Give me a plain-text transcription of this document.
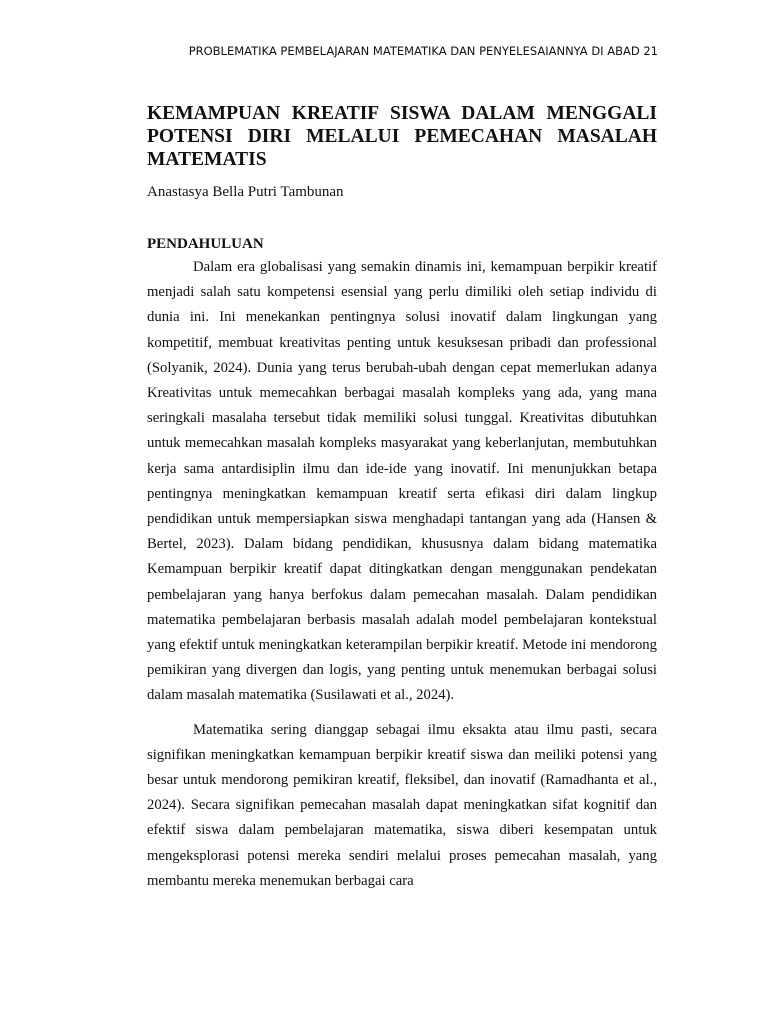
PROBLEMATIKA PEMBELAJARAN MATEMATIKA DAN PENYELESAIANNYA DI ABAD 21
KEMAMPUAN KREATIF SISWA DALAM MENGGALI POTENSI DIRI MELALUI PEMECAHAN MASALAH MATEMATIS

Anastasya Bella Putri Tambunan

PENDAHULUAN

Dalam era globalisasi yang semakin dinamis ini, kemampuan berpikir kreatif menjadi salah satu kompetensi esensial yang perlu dimiliki oleh setiap individu di dunia ini. Ini menekankan pentingnya solusi inovatif dalam lingkungan yang kompetitif, membuat kreativitas penting untuk kesuksesan pribadi dan professional (Solyanik, 2024). Dunia yang terus berubah-ubah dengan cepat memerlukan adanya Kreativitas untuk memecahkan berbagai masalah kompleks yang ada, yang mana seringkali masalaha tersebut tidak memiliki solusi tunggal. Kreativitas dibutuhkan untuk memecahkan masalah kompleks masyarakat yang keberlanjutan, membutuhkan kerja sama antardisiplin ilmu dan ide-ide yang inovatif. Ini menunjukkan betapa pentingnya meningkatkan kemampuan kreatif serta efikasi diri dalam lingkup pendidikan untuk mempersiapkan siswa menghadapi tantangan yang ada (Hansen & Bertel, 2023). Dalam bidang pendidikan, khususnya dalam bidang matematika Kemampuan berpikir kreatif dapat ditingkatkan dengan menggunakan pendekatan pembelajaran yang hanya berfokus dalam pemecahan masalah. Dalam pendidikan matematika pembelajaran berbasis masalah adalah model pembelajaran kontekstual yang efektif untuk meningkatkan keterampilan berpikir kreatif. Metode ini mendorong pemikiran yang divergen dan logis, yang penting untuk menemukan berbagai solusi dalam masalah matematika (Susilawati et al., 2024).

Matematika sering dianggap sebagai ilmu eksakta atau ilmu pasti, secara signifikan meningkatkan kemampuan berpikir kreatif siswa dan meiliki potensi yang besar untuk mendorong pemikiran kreatif, fleksibel, dan inovatif (Ramadhanta et al., 2024). Secara signifikan pemecahan masalah dapat meningkatkan sifat kognitif dan efektif siswa dalam pembelajaran matematika, siswa diberi kesempatan untuk mengeksplorasi potensi mereka sendiri melalui proses pemecahan masalah, yang membantu mereka menemukan berbagai cara
